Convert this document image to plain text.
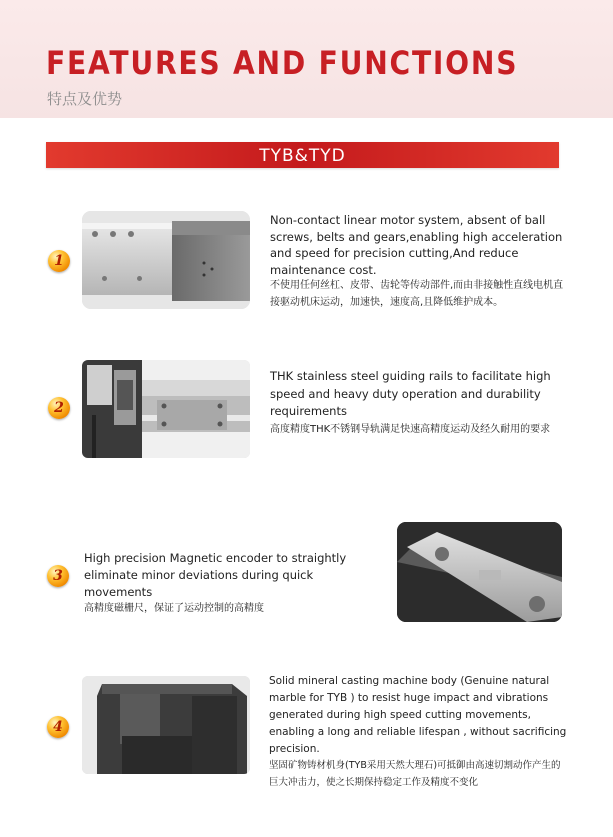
FEATURES AND FUNCTIONS
特点及优势
TYB&TYD
1

Non-contact linear motor system, absent of ball screws, belts and gears,enabling high acceleration and speed for precision cutting,And reduce maintenance cost.

不使用任何丝杠、皮带、齿轮等传动部件,而由非接触性直线电机直接驱动机床运动，加速快，速度高,且降低维护成本。

2

THK stainless steel guiding rails to facilitate high speed and heavy duty operation and durability requirements

高度精度THK不锈钢导轨满足快速高精度运动及经久耐用的要求

3

High precision Magnetic encoder to straightly eliminate minor deviations during quick movements

高精度磁栅尺，保证了运动控制的高精度

4

Solid mineral casting machine body (Genuine natural marble for TYB ) to resist huge impact and vibrations generated during high speed cutting movements, enabling a long and reliable lifespan , without sacrificing precision.

坚固矿物铸材机身(TYB采用天然大理石)可抵御由高速切割动作产生的巨大冲击力，使之长期保持稳定工作及精度不变化
